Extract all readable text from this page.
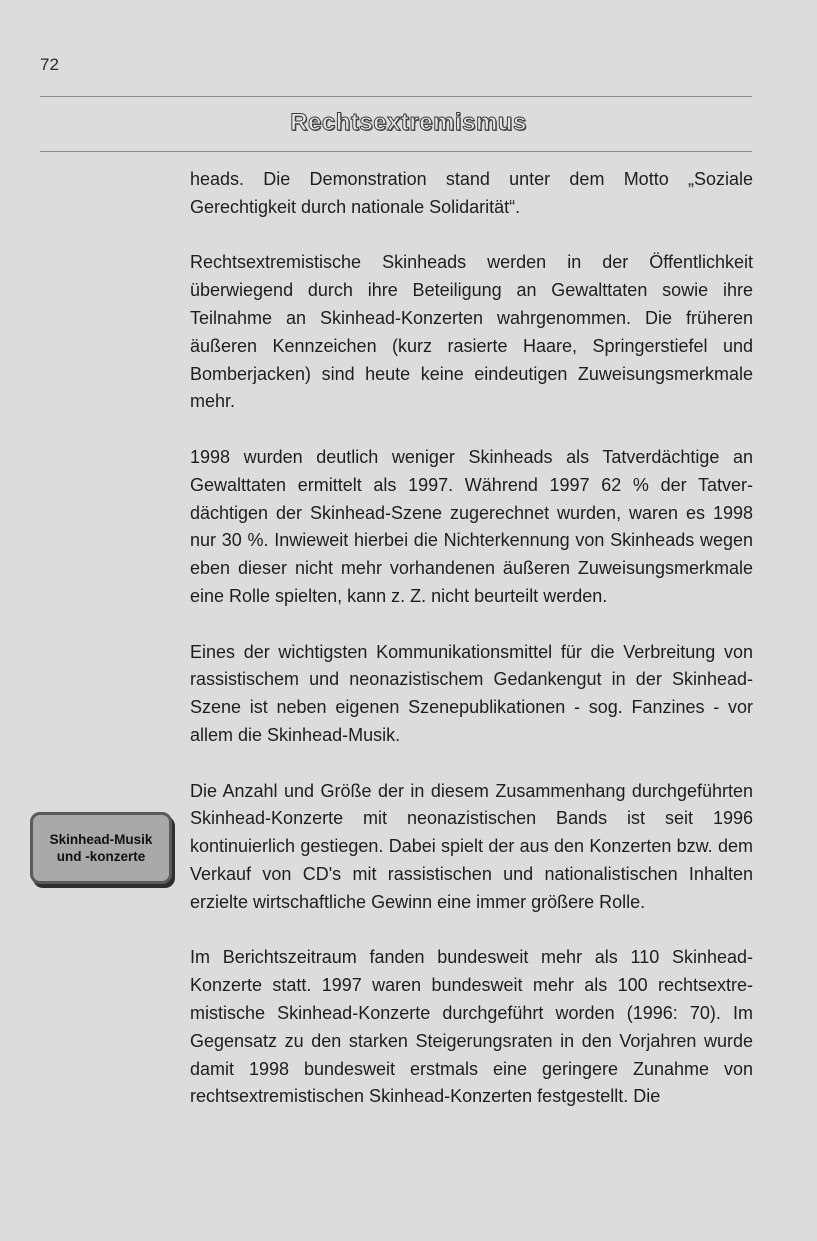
72
Rechtsextremismus

heads. Die Demonstration stand unter dem Motto „Soziale Gerechtigkeit durch nationale Solidarität“.

Rechtsextremistische Skinheads werden in der Öffentlichkeit überwiegend durch ihre Beteiligung an Gewalttaten sowie ihre Teilnahme an Skinhead-Konzerten wahrgenommen. Die früheren äußeren Kennzeichen (kurz rasierte Haare, Springerstiefel und Bomberjacken) sind heute keine eindeutigen Zuweisungsmerkmale mehr.

1998 wurden deutlich weniger Skinheads als Tatverdächtige an Gewalttaten ermittelt als 1997. Während 1997 62 % der Tatverdächtigen der Skinhead-Szene zugerechnet wurden, waren es 1998 nur 30 %. Inwieweit hierbei die Nichterkennung von Skinheads wegen eben dieser nicht mehr vorhandenen äußeren Zuweisungsmerkmale eine Rolle spielten, kann z. Z. nicht beurteilt werden.

Eines der wichtigsten Kommunikationsmittel für die Verbreitung von rassistischem und neonazistischem Gedankengut in der Skinhead-Szene ist neben eigenen Szenepublikationen - sog. Fanzines - vor allem die Skinhead-Musik.

Die Anzahl und Größe der in diesem Zusammenhang durchgeführten Skinhead-Konzerte mit neonazistischen Bands ist seit 1996 kontinuierlich gestiegen. Dabei spielt der aus den Konzerten bzw. dem Verkauf von CD's mit rassistischen und nationalistischen Inhalten erzielte wirtschaftliche Gewinn eine immer größere Rolle.

Im Berichtszeitraum fanden bundesweit mehr als 110 Skinhead-Konzerte statt. 1997 waren bundesweit mehr als 100 rechtsextremistische Skinhead-Konzerte durchgeführt worden (1996: 70). Im Gegensatz zu den starken Steigerungsraten in den Vorjahren wurde damit 1998 bundesweit erstmals eine geringere Zunahme von rechtsextremistischen Skinhead-Konzerten festgestellt. Die

Skinhead-Musik
und -konzerte
